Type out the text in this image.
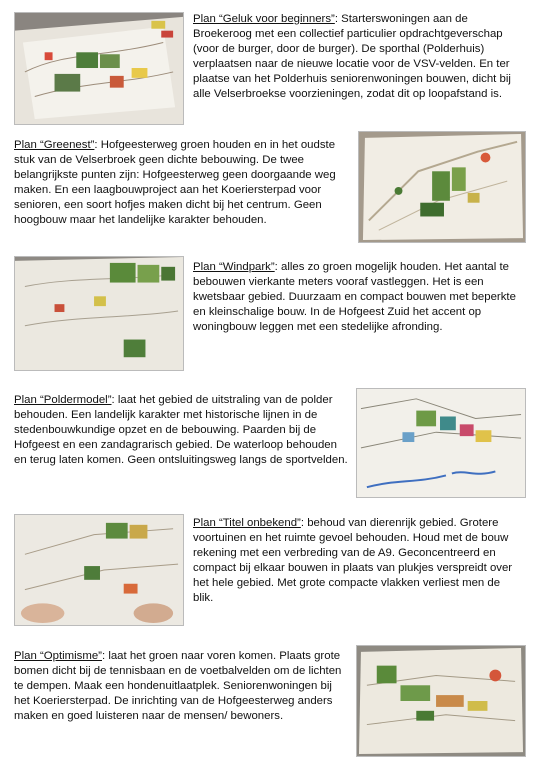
Plan “Geluk voor beginners”: Starterswoningen aan de Broekeroog met een collectief particulier opdrachtgeverschap (voor de burger, door de burger). De sporthal (Polderhuis) verplaatsen naar de nieuwe locatie voor de VSV-velden. En ter plaatse van het Polderhuis seniorenwoningen bouwen, dicht bij alle Velserbroekse voorzieningen, zodat dit op loopafstand is.

Plan “Greenest”: Hofgeesterweg groen houden en in het oudste stuk van de Velserbroek geen dichte bebouwing. De twee belangrijkste punten zijn: Hofgeesterweg geen doorgaande weg maken. En een laagbouwproject aan het Koeriersterpad voor senioren, een soort hofjes maken dicht bij het centrum. Geen hoogbouw maar het landelijke karakter behouden.

Plan “Windpark”: alles zo groen mogelijk houden. Het aantal te bebouwen vierkante meters vooraf vastleggen. Het is een kwetsbaar gebied. Duurzaam en compact bouwen met beperkte en kleinschalige bouw. In de Hofgeest Zuid het accent op woningbouw leggen met een stedelijke afronding.

Plan “Poldermodel”: laat het gebied de uitstraling van de polder behouden. Een landelijk karakter met historische lijnen in de stedenbouwkundige opzet en de bebouwing. Paarden bij de Hofgeest en een zandagrarisch gebied. De waterloop behouden en terug laten komen. Geen ontsluitingsweg langs de sportvelden.

Plan “Titel onbekend”: behoud van dierenrijk gebied. Grotere voortuinen en het ruimte gevoel behouden. Houd met de bouw rekening met een verbreding van de A9. Geconcentreerd en compact bij elkaar bouwen in plaats van plukjes verspreidt over het hele gebied. Met grote compacte vlakken verliest men de blik.

Plan “Optimisme”: laat het groen naar voren komen. Plaats grote bomen dicht bij de tennisbaan en de voetbalvelden om de lichten te dempen. Maak een hondenuitlaatplek. Seniorenwoningen bij het Koeriersterpad. De inrichting van de Hofgeesterweg anders maken en goed luisteren naar de mensen/ bewoners.
